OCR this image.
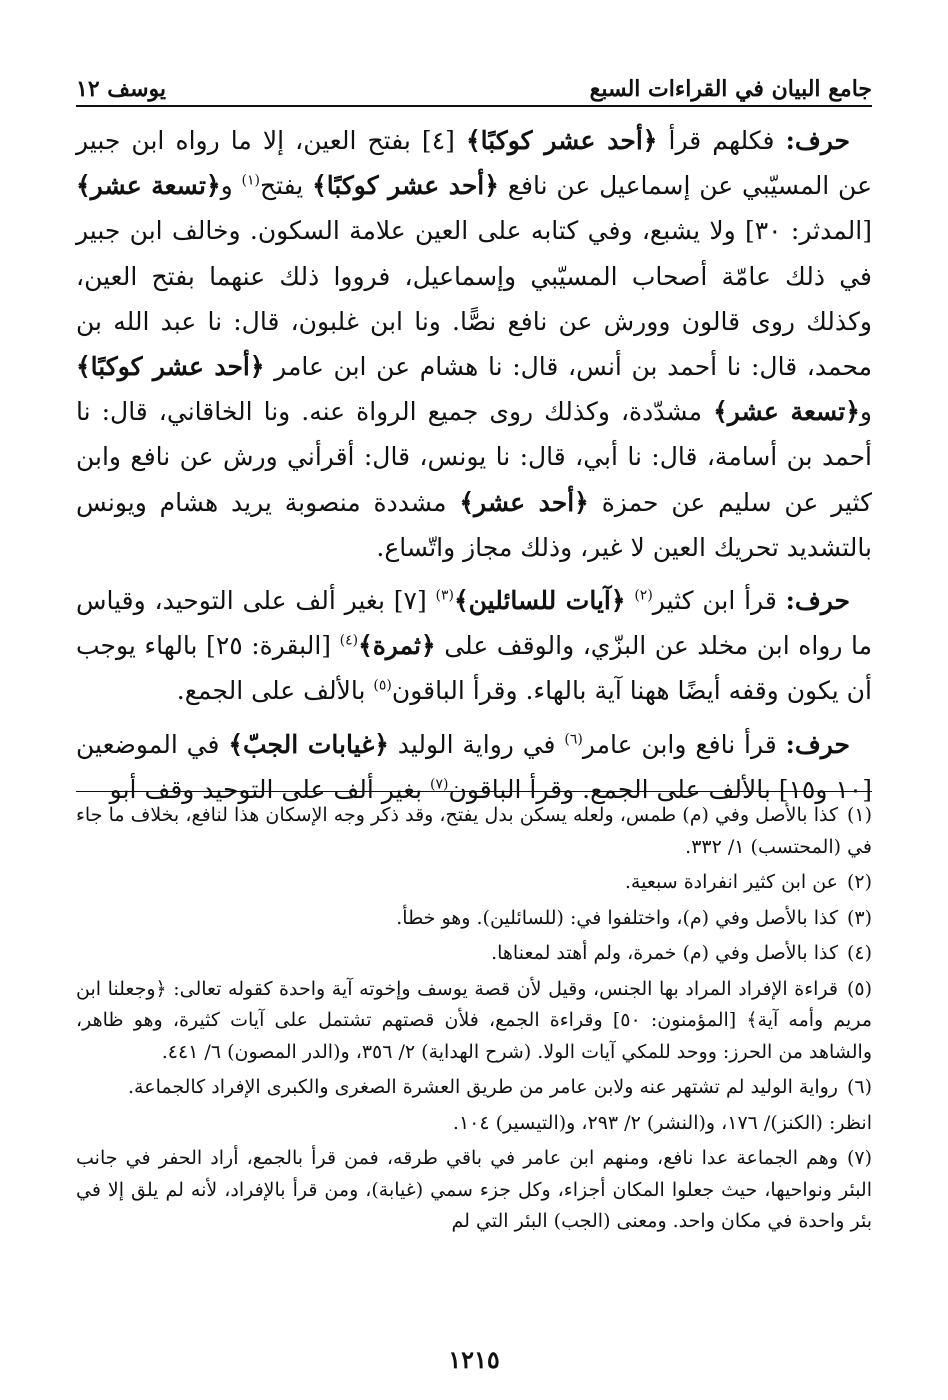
جامع البيان في القراءات السبع
يوسف ١٢

حرف: فكلهم قرأ ﴿أحد عشر كوكبًا﴾ [٤] بفتح العين، إلا ما رواه ابن جبير عن المسيّبي عن إسماعيل عن نافع ﴿أحد عشر كوكبًا﴾ يفتح$^{(١)}$ و﴿تسعة عشر﴾ [المدثر: ٣٠] ولا يشبع، وفي كتابه على العين علامة السكون. وخالف ابن جبير في ذلك عامّة أصحاب المسيّبي وإسماعيل، فرووا ذلك عنهما بفتح العين، وكذلك روى قالون وورش عن نافع نصًّا. ونا ابن غلبون، قال: نا عبد الله بن محمد، قال: نا أحمد بن أنس، قال: نا هشام عن ابن عامر ﴿أحد عشر كوكبًا﴾ و﴿تسعة عشر﴾ مشدّدة، وكذلك روى جميع الرواة عنه. ونا الخاقاني، قال: نا أحمد بن أسامة، قال: نا أبي، قال: نا يونس، قال: أقرأني ورش عن نافع وابن كثير عن سليم عن حمزة ﴿أحد عشر﴾ مشددة منصوبة يريد هشام ويونس بالتشديد تحريك العين لا غير، وذلك مجاز واتّساع.

حرف: قرأ ابن كثير$^{(٢)}$ ﴿آيات للسائلين﴾$^{(٣)}$ [٧] بغير ألف على التوحيد، وقياس ما رواه ابن مخلد عن البزّي، والوقف على ﴿ثمرة﴾$^{(٤)}$ [البقرة: ٢٥] بالهاء يوجب أن يكون وقفه أيضًا ههنا آية بالهاء. وقرأ الباقون$^{(٥)}$ بالألف على الجمع.

حرف: قرأ نافع وابن عامر$^{(٦)}$ في رواية الوليد ﴿غيابات الجبّ﴾ في الموضعين [١٠ و١٥] بالألف على الجمع. وقرأ الباقون$^{(٧)}$ بغير ألف على التوحيد وقف أبو

(١)كذا بالأصل وفي (م) طمس، ولعله يسكن بدل يفتح، وقد ذكر وجه الإسكان هذا لنافع، بخلاف ما جاء في (المحتسب) ١/ ٣٣٢.
(٢)عن ابن كثير انفرادة سبعية.
(٣)كذا بالأصل وفي (م)، واختلفوا في: (للسائلين). وهو خطأ.
(٤)كذا بالأصل وفي (م) خمرة، ولم أهتد لمعناها.
(٥)قراءة الإفراد المراد بها الجنس، وقيل لأن قصة يوسف وإخوته آية واحدة كقوله تعالى: ﴿وجعلنا ابن مريم وأمه آية﴾ [المؤمنون: ٥٠] وقراءة الجمع، فلأن قصتهم تشتمل على آيات كثيرة، وهو ظاهر، والشاهد من الحرز: ووحد للمكي آيات الولا. (شرح الهداية) ٢/ ٣٥٦، و(الدر المصون) ٦/ ٤٤١.
(٦)رواية الوليد لم تشتهر عنه ولابن عامر من طريق العشرة الصغرى والكبرى الإفراد كالجماعة.
انظر: (الكنز)/ ١٧٦، و(النشر) ٢/ ٢٩٣، و(التيسير) ١٠٤.
(٧)وهم الجماعة عدا نافع، ومنهم ابن عامر في باقي طرقه، فمن قرأ بالجمع، أراد الحفر في جانب البئر ونواحيها، حيث جعلوا المكان أجزاء، وكل جزء سمي (غيابة)، ومن قرأ بالإفراد، لأنه لم يلق إلا في بئر واحدة في مكان واحد. ومعنى (الجب) البئر التي لم
١٢١٥
